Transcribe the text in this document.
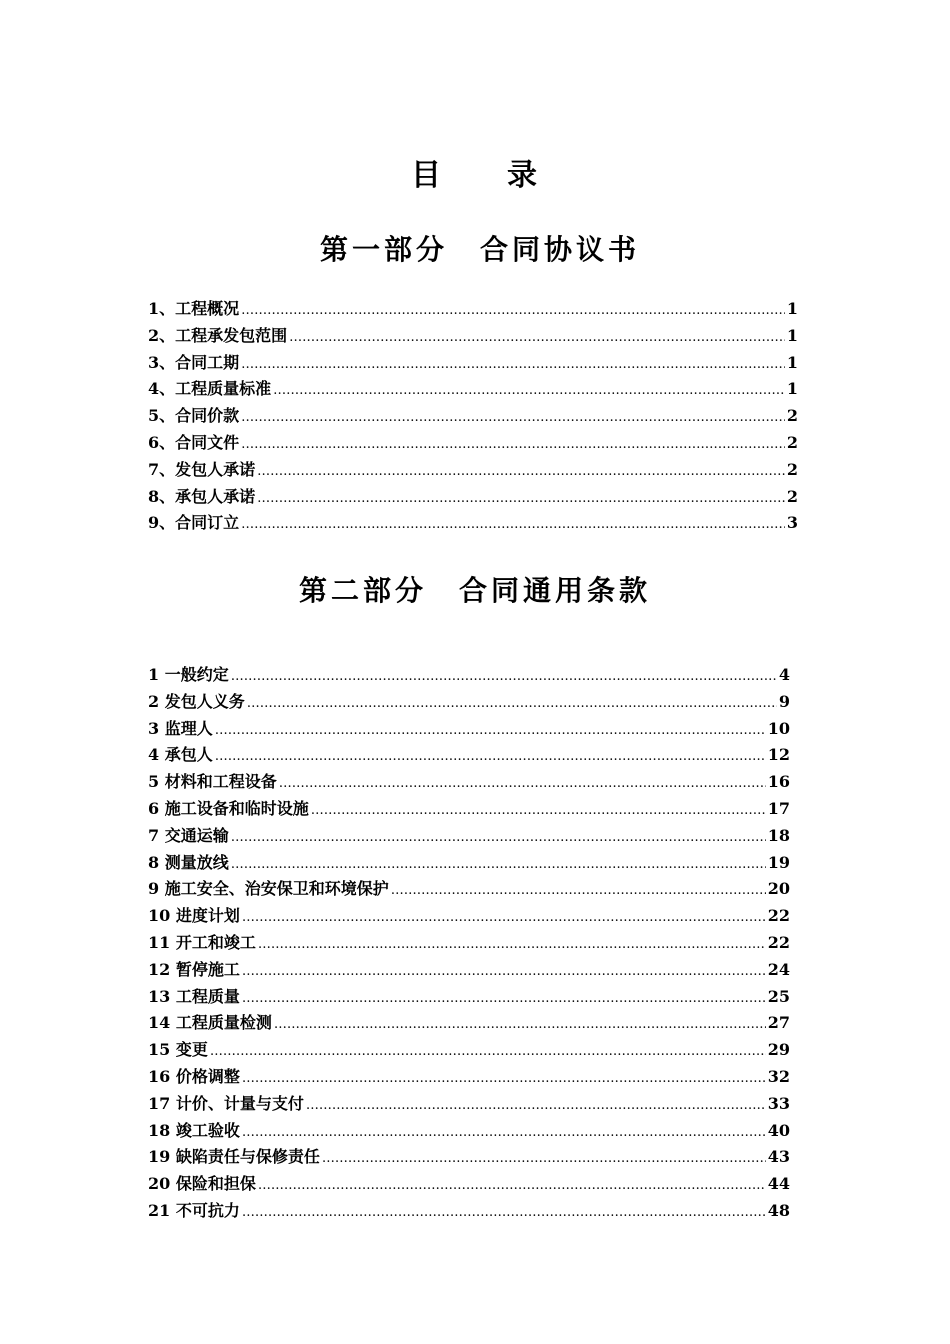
目　　录
第一部分　合同协议书
1、工程概况 ……………………………………………………………………………………………………………………………………………………………………………………………………	1
2、工程承发包范围 ……………………………………………………………………………………………………………………………………………………………………………………………………	1
3、合同工期 ……………………………………………………………………………………………………………………………………………………………………………………………………	1
4、工程质量标准 ……………………………………………………………………………………………………………………………………………………………………………………………………	1
5、合同价款 ……………………………………………………………………………………………………………………………………………………………………………………………………	2
6、合同文件 ……………………………………………………………………………………………………………………………………………………………………………………………………	2
7、发包人承诺 ……………………………………………………………………………………………………………………………………………………………………………………………………	2
8、承包人承诺 ……………………………………………………………………………………………………………………………………………………………………………………………………	2
9、合同订立 ……………………………………………………………………………………………………………………………………………………………………………………………………	3
第二部分　合同通用条款
1 一般约定 ……………………………………………………………………………………………………………………………………………………………………………………………………	4
2 发包人义务 ……………………………………………………………………………………………………………………………………………………………………………………………………	9
3 监理人 ……………………………………………………………………………………………………………………………………………………………………………………………………	10
4 承包人 ……………………………………………………………………………………………………………………………………………………………………………………………………	12
5 材料和工程设备 ……………………………………………………………………………………………………………………………………………………………………………………………………	16
6 施工设备和临时设施 ……………………………………………………………………………………………………………………………………………………………………………………………………	17
7 交通运输 ……………………………………………………………………………………………………………………………………………………………………………………………………	18
8 测量放线 ……………………………………………………………………………………………………………………………………………………………………………………………………	19
9 施工安全、治安保卫和环境保护 ……………………………………………………………………………………………………………………………………………………………………………………………………	20
10 进度计划 ……………………………………………………………………………………………………………………………………………………………………………………………………	22
11 开工和竣工 ……………………………………………………………………………………………………………………………………………………………………………………………………	22
12 暂停施工 ……………………………………………………………………………………………………………………………………………………………………………………………………	24
13 工程质量 ……………………………………………………………………………………………………………………………………………………………………………………………………	25
14 工程质量检测 ……………………………………………………………………………………………………………………………………………………………………………………………………	27
15 变更 ……………………………………………………………………………………………………………………………………………………………………………………………………	29
16 价格调整 ……………………………………………………………………………………………………………………………………………………………………………………………………	32
17 计价、计量与支付 ……………………………………………………………………………………………………………………………………………………………………………………………………	33
18 竣工验收 ……………………………………………………………………………………………………………………………………………………………………………………………………	40
19 缺陷责任与保修责任 ……………………………………………………………………………………………………………………………………………………………………………………………………	43
20 保险和担保 ……………………………………………………………………………………………………………………………………………………………………………………………………	44
21 不可抗力 ……………………………………………………………………………………………………………………………………………………………………………………………………	48
